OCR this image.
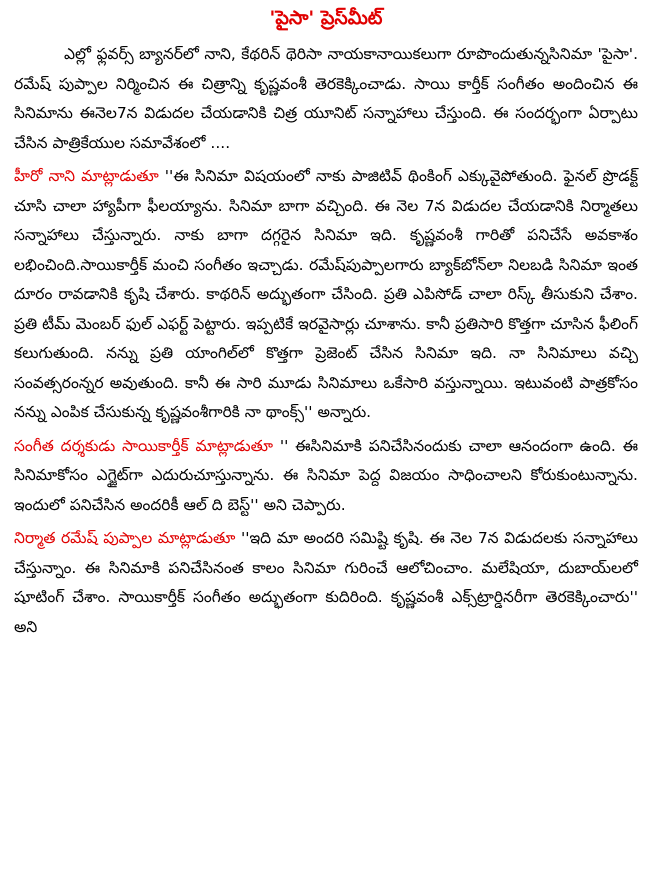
'పైసా' ప్రెస్‌మీట్

ఎల్లో ఫ్లవర్స్ బ్యానర్‌లో నాని, కేథరిన్ థెరిసా నాయకానాయికలుగా రూపొందుతున్నసినిమా 'పైసా'. రమేష్ పుప్పాల నిర్మించిన ఈ చిత్రాన్ని కృష్ణవంశీ తెరకెక్కించాడు. సాయి కార్తీక్ సంగీతం అందించిన ఈ సినిమాను ఈనెల7న విడుదల చేయడానికి చిత్ర యూనిట్ సన్నాహాలు చేస్తుంది. ఈ సందర్భంగా ఏర్పాటు చేసిన పాత్రికేయుల సమావేశంలో ....

హీరో నాని మాట్లాడుతూ ''ఈ సినిమా విషయంలో నాకు పాజిటివ్ థింకింగ్ ఎక్కువైపోతుంది. ఫైనల్ ప్రొడక్ట్ చూసి చాలా హ్యాపీగా ఫీలయ్యాను. సినిమా బాగా వచ్చింది. ఈ నెల 7న విడుదల చేయడానికి నిర్మాతలు సన్నాహాలు చేస్తున్నారు. నాకు బాగా దగ్గరైన సినిమా ఇది. కృష్ణవంశీ గారితో పనిచేసే అవకాశం లభించింది.సాయికార్తీక్ మంచి సంగీతం ఇచ్చాడు. రమేష్‌పుప్పాలగారు బ్యాక్‌బోన్‌లా నిలబడి సినిమా ఇంత దూరం రావడానికి కృషి చేశారు. కాథరిన్ అద్భుతంగా చేసింది. ప్రతి ఎపిసోడ్ చాలా రిస్క్ తీసుకుని చేశాం. ప్రతి టీమ్ మెంబర్ ఫుల్ ఎఫర్ట్ పెట్టారు. ఇప్పటికే ఇరవైసార్లు చూశాను. కానీ ప్రతిసారి కొత్తగా చూసిన ఫీలింగ్ కలుగుతుంది. నన్ను ప్రతి యాంగిల్‌లో కొత్తగా ప్రెజెంట్ చేసిన సినిమా ఇది. నా సినిమాలు వచ్చి సంవత్సరంన్నర అవుతుంది. కానీ ఈ సారి మూడు సినిమాలు ఒకేసారి వస్తున్నాయి. ఇటువంటి పాత్రకోసం నన్ను ఎంపిక చేసుకున్న కృష్ణవంశీగారికి నా థాంక్స్'' అన్నారు.

సంగీత దర్శకుడు సాయికార్తీక్ మాట్లాడుతూ '' ఈసినిమాకి పనిచేసినందుకు చాలా ఆనందంగా ఉంది. ఈ సినిమాకోసం ఎగ్జైట్‌గా ఎదురుచూస్తున్నాను. ఈ సినిమా పెద్ద విజయం సాధించాలని కోరుకుంటున్నాను. ఇందులో పనిచేసిన అందరికీ ఆల్ ది బెస్ట్'' అని చెప్పారు.

నిర్మాత రమేష్ పుప్పాల మాట్లాడుతూ ''ఇది మా అందరి సమిష్టి కృషి. ఈ నెల 7న విడుదలకు సన్నాహాలు చేస్తున్నాం. ఈ సినిమాకి పనిచేసినంత కాలం సినిమా గురించే ఆలోచించాం. మలేషియా, దుబాయ్‌లలో షూటింగ్ చేశాం. సాయికార్తీక్ సంగీతం అద్భుతంగా కుదిరింది. కృష్ణవంశీ ఎక్స్‌ట్రార్డినరీగా తెరకెక్కించారు'' అని
